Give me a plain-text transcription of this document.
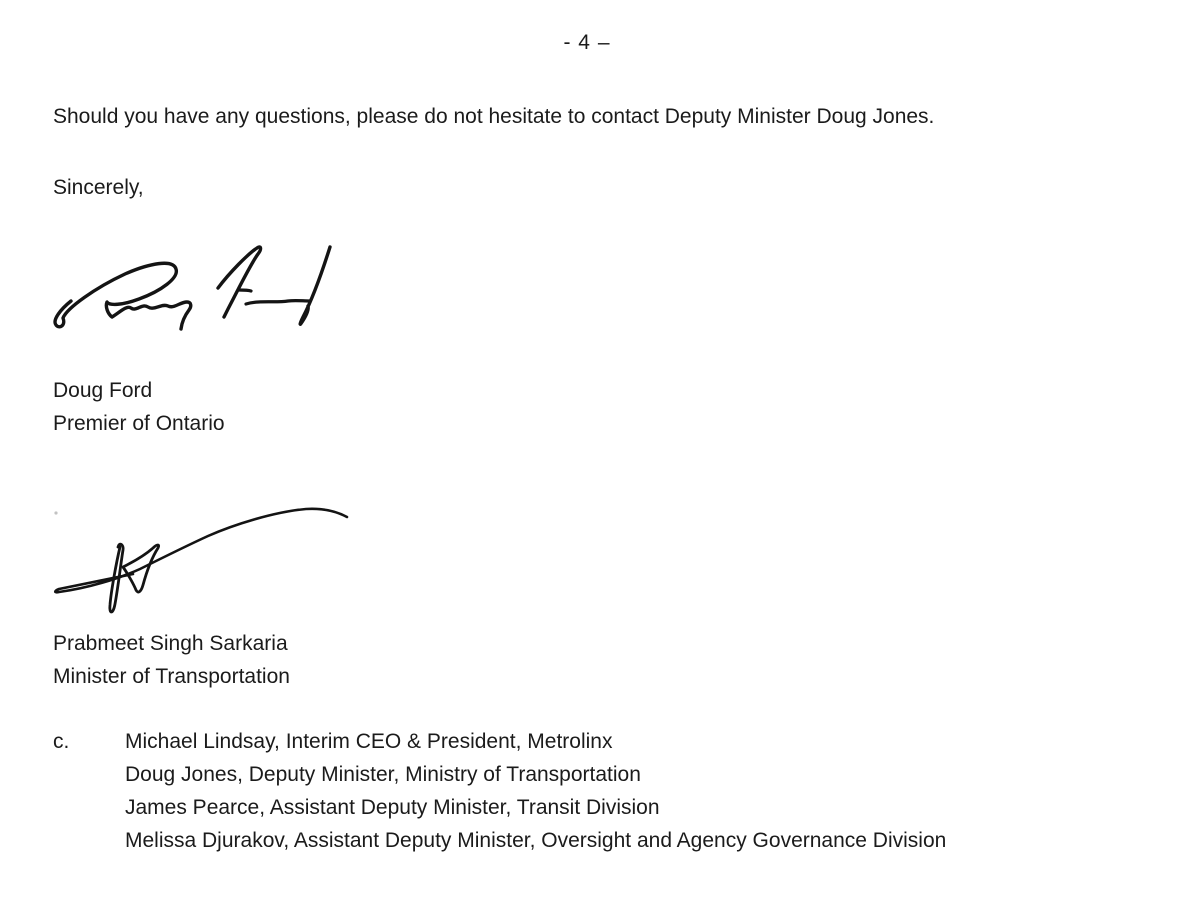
- 4 –
Should you have any questions, please do not hesitate to contact Deputy Minister Doug Jones.
Sincerely,
Doug Ford
Premier of Ontario
Prabmeet Singh Sarkaria
Minister of Transportation
c.	Michael Lindsay, Interim CEO & President, Metrolinx
Doug Jones, Deputy Minister, Ministry of Transportation
James Pearce, Assistant Deputy Minister, Transit Division
Melissa Djurakov, Assistant Deputy Minister, Oversight and Agency Governance Division
